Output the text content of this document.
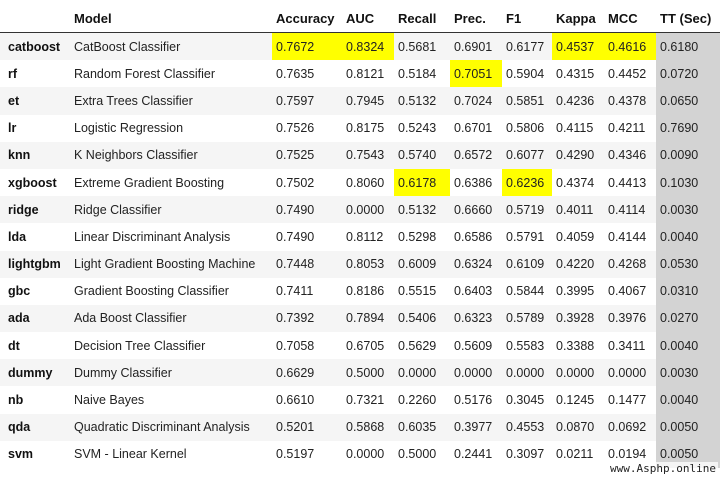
	Model	Accuracy	AUC	Recall	Prec.	F1	Kappa	MCC	TT (Sec)
catboost	CatBoost Classifier	0.7672	0.8324	0.5681	0.6901	0.6177	0.4537	0.4616	0.6180
rf	Random Forest Classifier	0.7635	0.8121	0.5184	0.7051	0.5904	0.4315	0.4452	0.0720
et	Extra Trees Classifier	0.7597	0.7945	0.5132	0.7024	0.5851	0.4236	0.4378	0.0650
lr	Logistic Regression	0.7526	0.8175	0.5243	0.6701	0.5806	0.4115	0.4211	0.7690
knn	K Neighbors Classifier	0.7525	0.7543	0.5740	0.6572	0.6077	0.4290	0.4346	0.0090
xgboost	Extreme Gradient Boosting	0.7502	0.8060	0.6178	0.6386	0.6236	0.4374	0.4413	0.1030
ridge	Ridge Classifier	0.7490	0.0000	0.5132	0.6660	0.5719	0.4011	0.4114	0.0030
lda	Linear Discriminant Analysis	0.7490	0.8112	0.5298	0.6586	0.5791	0.4059	0.4144	0.0040
lightgbm	Light Gradient Boosting Machine	0.7448	0.8053	0.6009	0.6324	0.6109	0.4220	0.4268	0.0530
gbc	Gradient Boosting Classifier	0.7411	0.8186	0.5515	0.6403	0.5844	0.3995	0.4067	0.0310
ada	Ada Boost Classifier	0.7392	0.7894	0.5406	0.6323	0.5789	0.3928	0.3976	0.0270
dt	Decision Tree Classifier	0.7058	0.6705	0.5629	0.5609	0.5583	0.3388	0.3411	0.0040
dummy	Dummy Classifier	0.6629	0.5000	0.0000	0.0000	0.0000	0.0000	0.0000	0.0030
nb	Naive Bayes	0.6610	0.7321	0.2260	0.5176	0.3045	0.1245	0.1477	0.0040
qda	Quadratic Discriminant Analysis	0.5201	0.5868	0.6035	0.3977	0.4553	0.0870	0.0692	0.0050
svm	SVM - Linear Kernel	0.5197	0.0000	0.5000	0.2441	0.3097	0.0211	0.0194	0.0050
www.Asphp.online
